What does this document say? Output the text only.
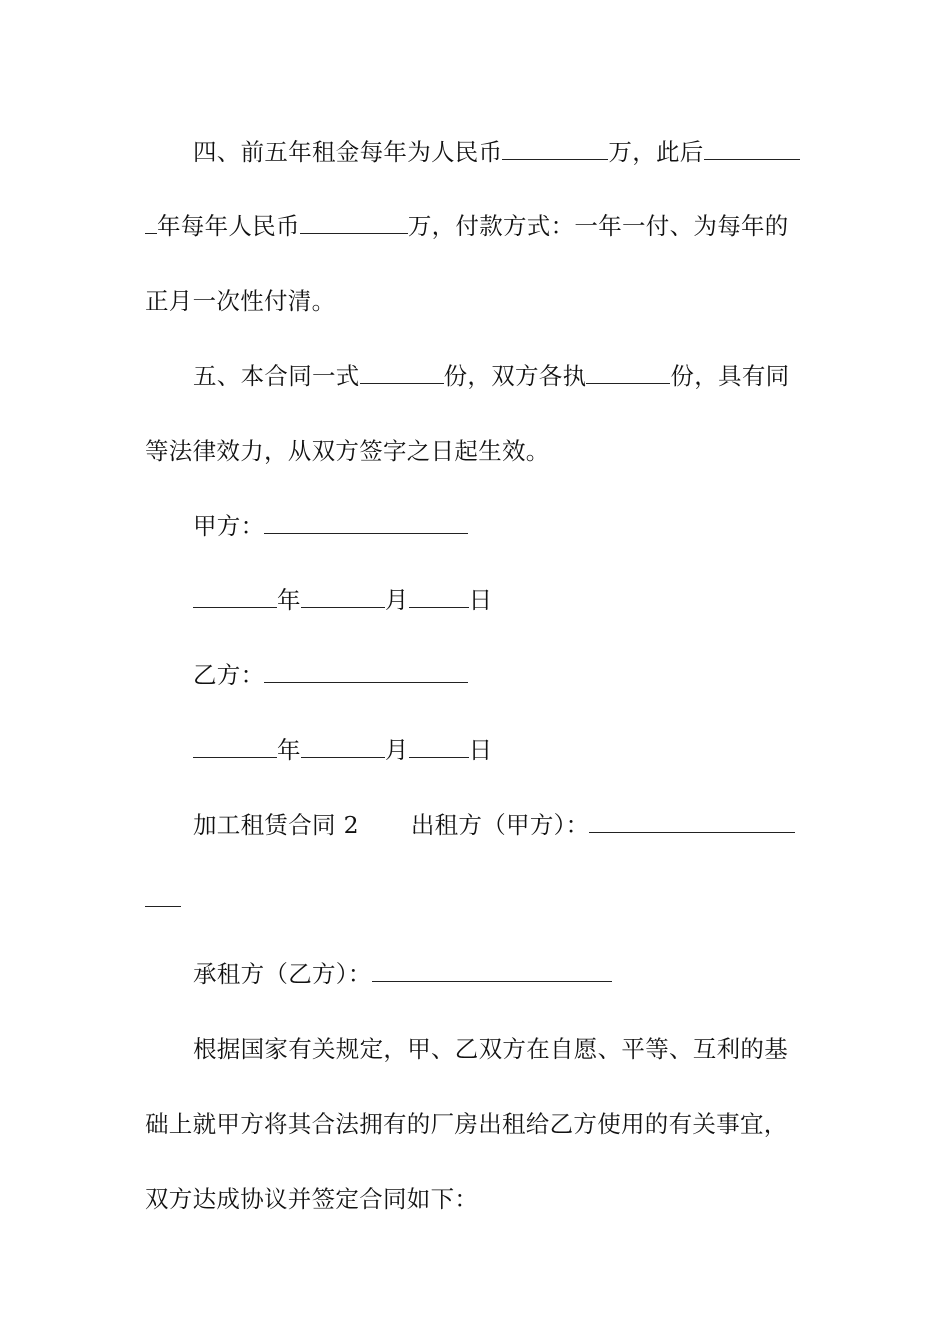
四、前五年租金每年为人民币	万，此后
年每年人民币	万，付款方式：一年一付、为每年的
正月一次性付清。
五、本合同一式	份，双方各执	份，具有同
等法律效力，从双方签字之日起生效。
甲方：
年	月	日
乙方：
年	月	日
加工租赁合同 2 出租方（甲方）：
承租方（乙方）：
根据国家有关规定，甲、乙双方在自愿、平等、互利的基
础上就甲方将其合法拥有的厂房出租给乙方使用的有关事宜，
双方达成协议并签定合同如下：
